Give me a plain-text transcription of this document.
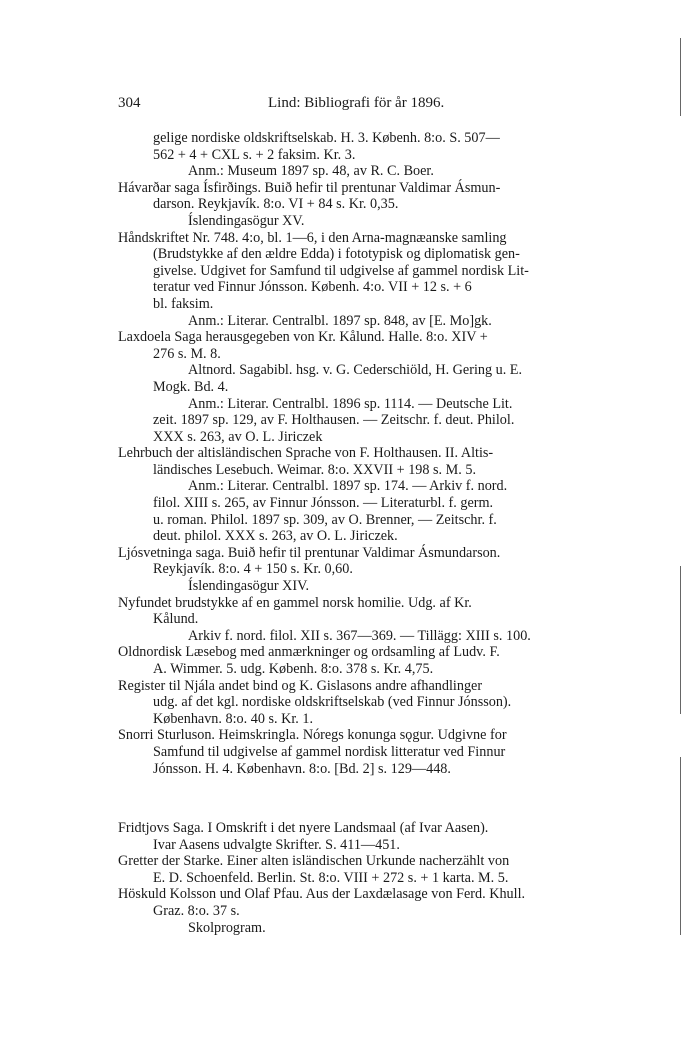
304	Lind: Bibliografi för år 1896.
gelige nordiske oldskriftselskab. H. 3. Københ. 8:o. S. 507—
562 + 4 + CXL s. + 2 faksim. Kr. 3.
Anm.: Museum 1897 sp. 48, av R. C. Boer.
Hávarðar saga Ísfirðings. Buið hefir til prentunar Valdimar Ásmun-
darson. Reykjavík. 8:o. VI + 84 s. Kr. 0,35.
Íslendingasögur XV.
Håndskriftet Nr. 748. 4:o, bl. 1—6, i den Arna-magnæanske samling
(Brudstykke af den ældre Edda) i fototypisk og diplomatisk gen-
givelse. Udgivet for Samfund til udgivelse af gammel nordisk Lit-
teratur ved Finnur Jónsson. Københ. 4:o. VII + 12 s. + 6
bl. faksim.
Anm.: Literar. Centralbl. 1897 sp. 848, av [E. Mo]gk.
Laxdoela Saga herausgegeben von Kr. Kålund. Halle. 8:o. XIV +
276 s. M. 8.
Altnord. Sagabibl. hsg. v. G. Cederschiöld, H. Gering u. E.
Mogk. Bd. 4.
Anm.: Literar. Centralbl. 1896 sp. 1114. — Deutsche Lit.
zeit. 1897 sp. 129, av F. Holthausen. — Zeitschr. f. deut. Philol.
XXX s. 263, av O. L. Jiriczek
Lehrbuch der altisländischen Sprache von F. Holthausen. II. Altis-
ländisches Lesebuch. Weimar. 8:o. XXVII + 198 s. M. 5.
Anm.: Literar. Centralbl. 1897 sp. 174. — Arkiv f. nord.
filol. XIII s. 265, av Finnur Jónsson. — Literaturbl. f. germ.
u. roman. Philol. 1897 sp. 309, av O. Brenner, — Zeitschr. f.
deut. philol. XXX s. 263, av O. L. Jiriczek.
Ljósvetninga saga. Buið hefir til prentunar Valdimar Ásmundarson.
Reykjavík. 8:o. 4 + 150 s. Kr. 0,60.
Íslendingasögur XIV.
Nyfundet brudstykke af en gammel norsk homilie. Udg. af Kr.
Kålund.
Arkiv f. nord. filol. XII s. 367—369. — Tillägg: XIII s. 100.
Oldnordisk Læsebog med anmærkninger og ordsamling af Ludv. F.
A. Wimmer. 5. udg. Københ. 8:o. 378 s. Kr. 4,75.
Register til Njála andet bind og K. Gislasons andre afhandlinger
udg. af det kgl. nordiske oldskriftselskab (ved Finnur Jónsson).
København. 8:o. 40 s. Kr. 1.
Snorri Sturluson. Heimskringla. Nóregs konunga sǫgur. Udgivne for
Samfund til udgivelse af gammel nordisk litteratur ved Finnur
Jónsson. H. 4. København. 8:o. [Bd. 2] s. 129—448.
Fridtjovs Saga. I Omskrift i det nyere Landsmaal (af Ivar Aasen).
Ivar Aasens udvalgte Skrifter. S. 411—451.
Gretter der Starke. Einer alten isländischen Urkunde nacherzählt von
E. D. Schoenfeld. Berlin. St. 8:o. VIII + 272 s. + 1 karta. M. 5.
Höskuld Kolsson und Olaf Pfau. Aus der Laxdælasage von Ferd. Khull.
Graz. 8:o. 37 s.
Skolprogram.
